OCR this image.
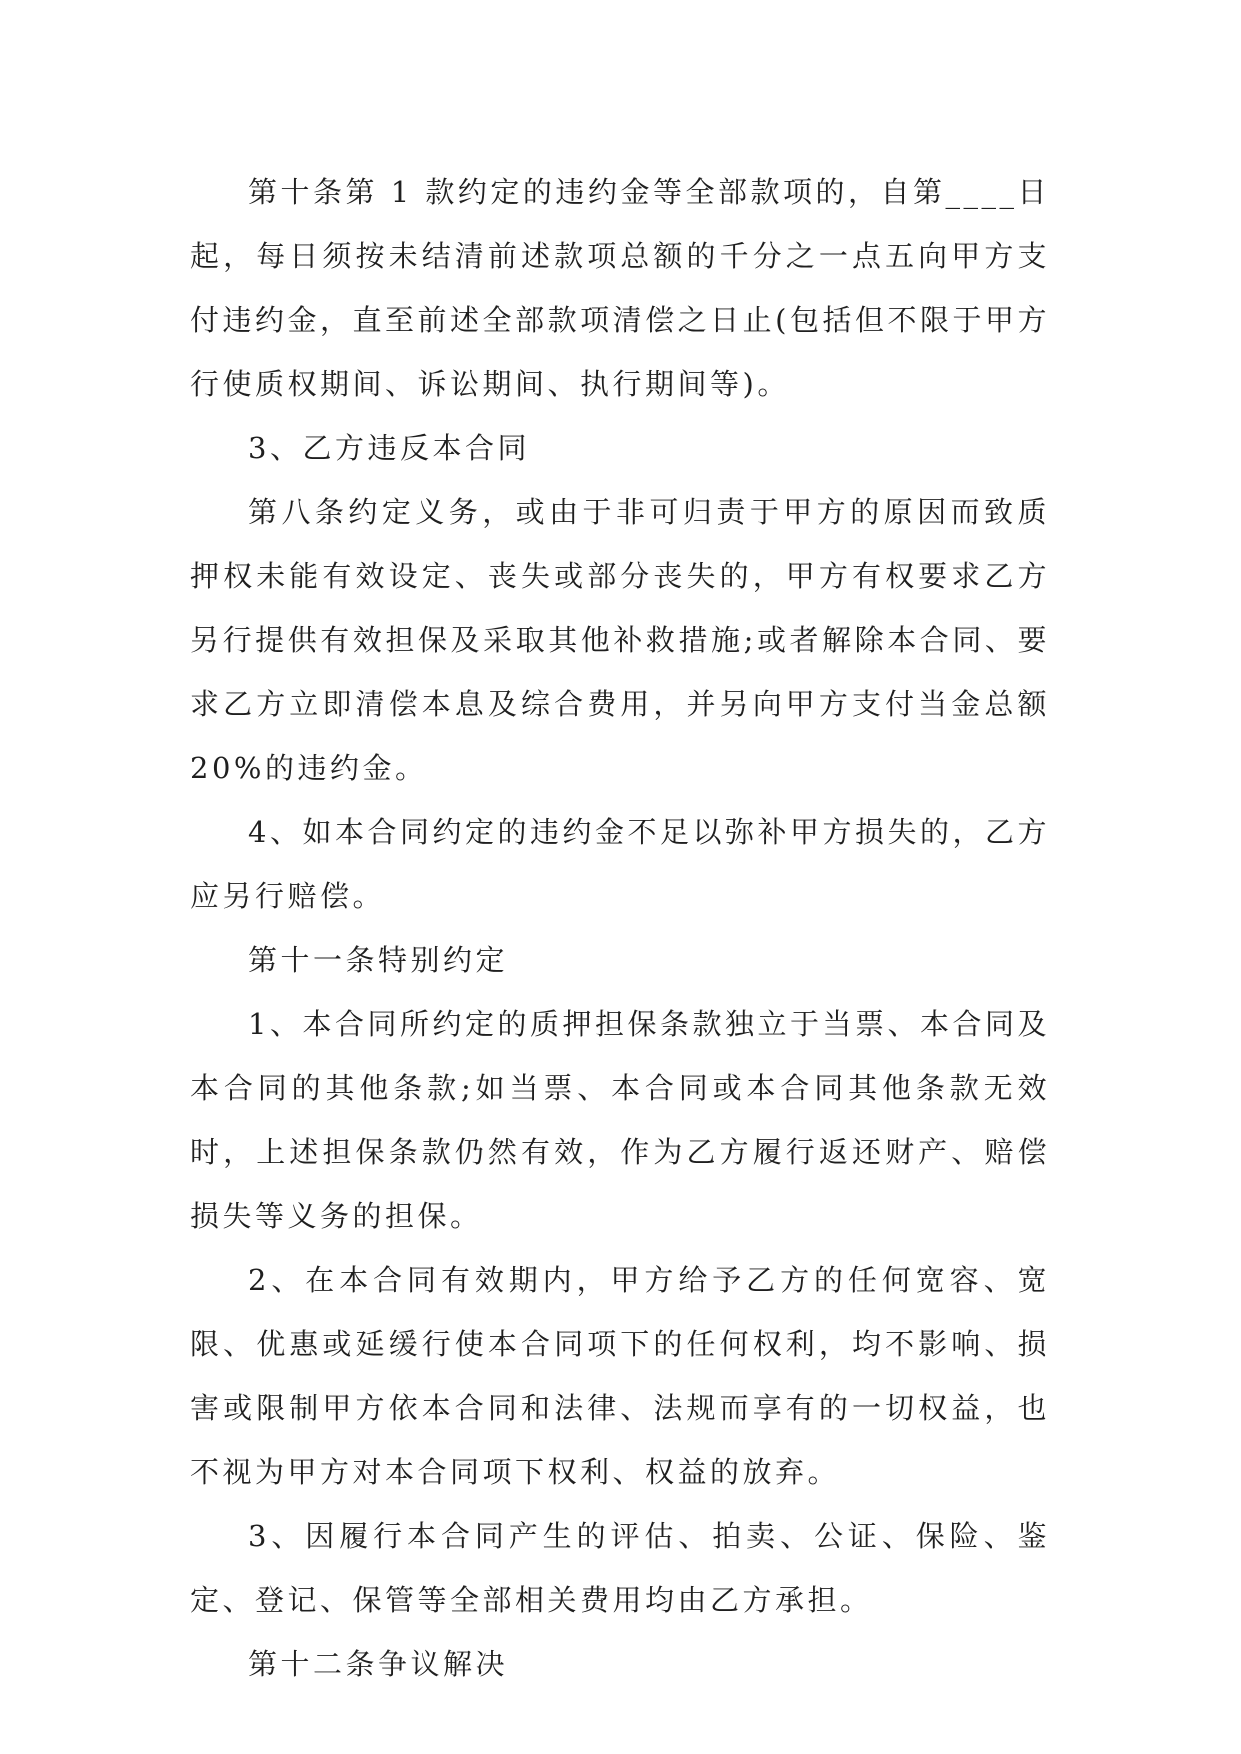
第十条第 1 款约定的违约金等全部款项的，自第____日起，每日须按未结清前述款项总额的千分之一点五向甲方支付违约金，直至前述全部款项清偿之日止(包括但不限于甲方行使质权期间、诉讼期间、执行期间等)。

3、乙方违反本合同

第八条约定义务，或由于非可归责于甲方的原因而致质押权未能有效设定、丧失或部分丧失的，甲方有权要求乙方另行提供有效担保及采取其他补救措施;或者解除本合同、要求乙方立即清偿本息及综合费用，并另向甲方支付当金总额 20%的违约金。

4、如本合同约定的违约金不足以弥补甲方损失的，乙方应另行赔偿。

第十一条特别约定

1、本合同所约定的质押担保条款独立于当票、本合同及本合同的其他条款;如当票、本合同或本合同其他条款无效时，上述担保条款仍然有效，作为乙方履行返还财产、赔偿损失等义务的担保。

2、在本合同有效期内，甲方给予乙方的任何宽容、宽限、优惠或延缓行使本合同项下的任何权利，均不影响、损害或限制甲方依本合同和法律、法规而享有的一切权益，也不视为甲方对本合同项下权利、权益的放弃。

3、因履行本合同产生的评估、拍卖、公证、保险、鉴定、登记、保管等全部相关费用均由乙方承担。

第十二条争议解决
